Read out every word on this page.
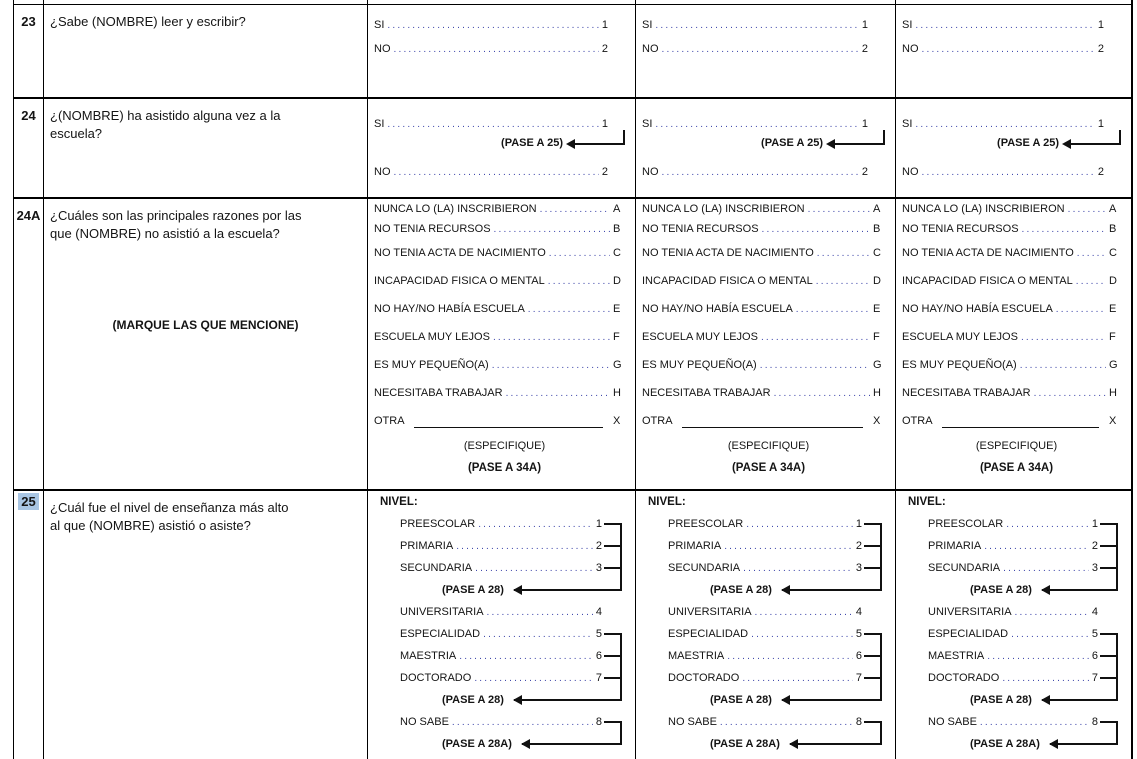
23	¿Sabe (NOMBRE) leer y escribir?	SI .....	1
NO .....	2
SI .....	1
NO .....	2
SI .....	1
NO .....	2
24	¿(NOMBRE) ha asistido alguna vez a la escuela?
SI .....	1
(PASE A 25)
NO .....	2
SI .....	1
(PASE A 25)
NO .....	2
SI .....	1
(PASE A 25)
NO .....	2
24A ¿Cuáles son las principales razones por las que (NOMBRE) no asistió a la escuela?
(MARQUE LAS QUE MENCIONE)
NUNCA LO (LA) INSCRIBIERON .....	A
NO TENIA RECURSOS .....	B
NO TENIA ACTA DE NACIMIENTO .....	C
INCAPACIDAD FISICA O MENTAL .....	D
NO HAY/NO HABÍA ESCUELA .....	E
ESCUELA MUY LEJOS .....	F
ES MUY PEQUEÑO(A) .....	G
NECESITABA TRABAJAR .....	H
OTRA	X
(ESPECIFIQUE)
(PASE A 34A)
NUNCA LO (LA) INSCRIBIERON .....	A
NO TENIA RECURSOS .....	B
NO TENIA ACTA DE NACIMIENTO .....	C
INCAPACIDAD FISICA O MENTAL .....	D
NO HAY/NO HABÍA ESCUELA .....	E
ESCUELA MUY LEJOS .....	F
ES MUY PEQUEÑO(A) .....	G
NECESITABA TRABAJAR .....	H
OTRA	X
(ESPECIFIQUE)
(PASE A 34A)
NUNCA LO (LA) INSCRIBIERON .....	A
NO TENIA RECURSOS .....	B
NO TENIA ACTA DE NACIMIENTO .....	C
INCAPACIDAD FISICA O MENTAL .....	D
NO HAY/NO HABÍA ESCUELA .....	E
ESCUELA MUY LEJOS .....	F
ES MUY PEQUEÑO(A) .....	G
NECESITABA TRABAJAR .....	H
OTRA	X
(ESPECIFIQUE)
(PASE A 34A)
25	¿Cuál fue el nivel de enseñanza más alto al que (NOMBRE) asistió o asiste?
NIVEL:
PREESCOLAR .....	1
PRIMARIA .....	2
SECUNDARIA .....	3
(PASE A 28)
UNIVERSITARIA .....	4
ESPECIALIDAD .....	5
MAESTRIA .....	6
DOCTORADO .....	7
(PASE A 28)
NO SABE .....	8
(PASE A 28A)
NIVEL:
PREESCOLAR .....	1
PRIMARIA .....	2
SECUNDARIA .....	3
(PASE A 28)
UNIVERSITARIA .....	4
ESPECIALIDAD .....	5
MAESTRIA .....	6
DOCTORADO .....	7
(PASE A 28)
NO SABE .....	8
(PASE A 28A)
NIVEL:
PREESCOLAR .....	1
PRIMARIA .....	2
SECUNDARIA .....	3
(PASE A 28)
UNIVERSITARIA .....	4
ESPECIALIDAD .....	5
MAESTRIA .....	6
DOCTORADO .....	7
(PASE A 28)
NO SABE .....	8
(PASE A 28A)
